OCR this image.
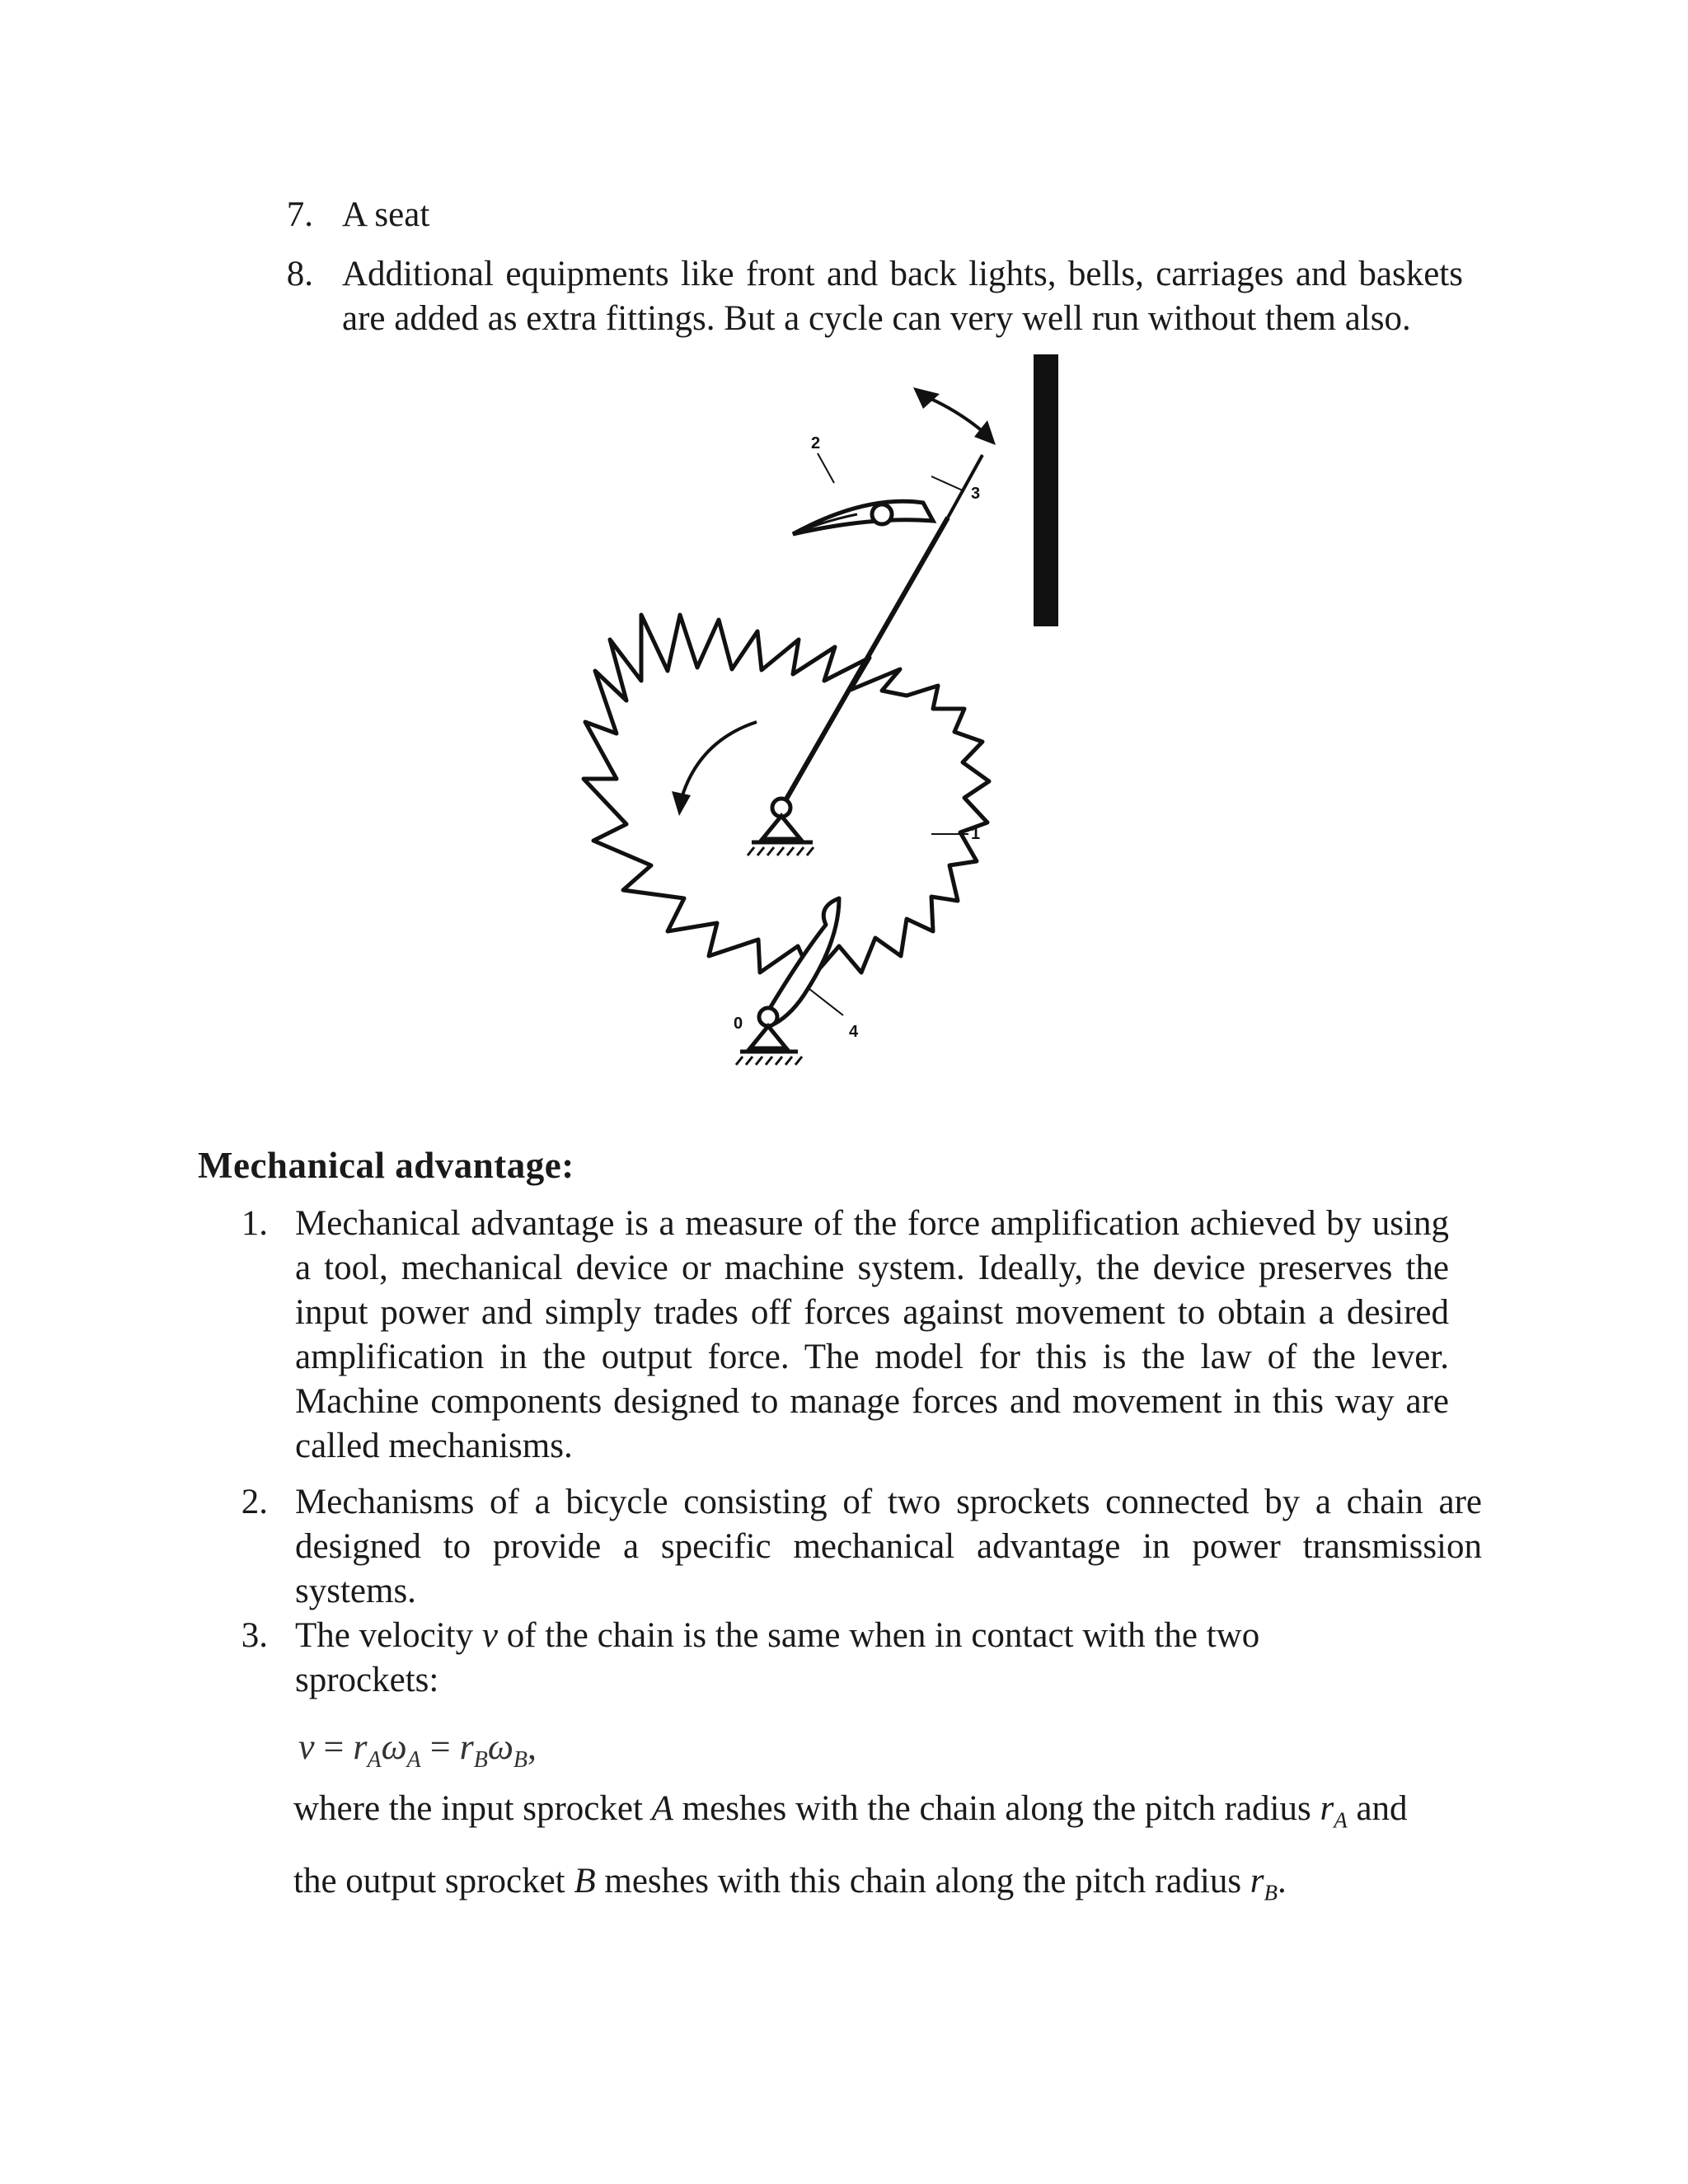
7. A seat
8. Additional equipments like front and back lights, bells, carriages and baskets are added as extra fittings. But a cycle can very well run without them also.
2
3
1
0	4
Mechanical advantage:
1. Mechanical advantage is a measure of the force amplification achieved by using a tool, mechanical device or machine system. Ideally, the device preserves the input power and simply trades off forces against movement to obtain a desired amplification in the output force. The model for this is the law of the lever. Machine components designed to manage forces and movement in this way are called mechanisms.
2. Mechanisms of a bicycle consisting of two sprockets connected by a chain are designed to provide a specific mechanical advantage in power transmission systems.
3. The velocity v of the chain is the same when in contact with the two sprockets:
$v = r_A\omega_A = r_B\omega_B$,
where the input sprocket A meshes with the chain along the pitch radius $r_A$ and the output sprocket B meshes with this chain along the pitch radius $r_B$.
